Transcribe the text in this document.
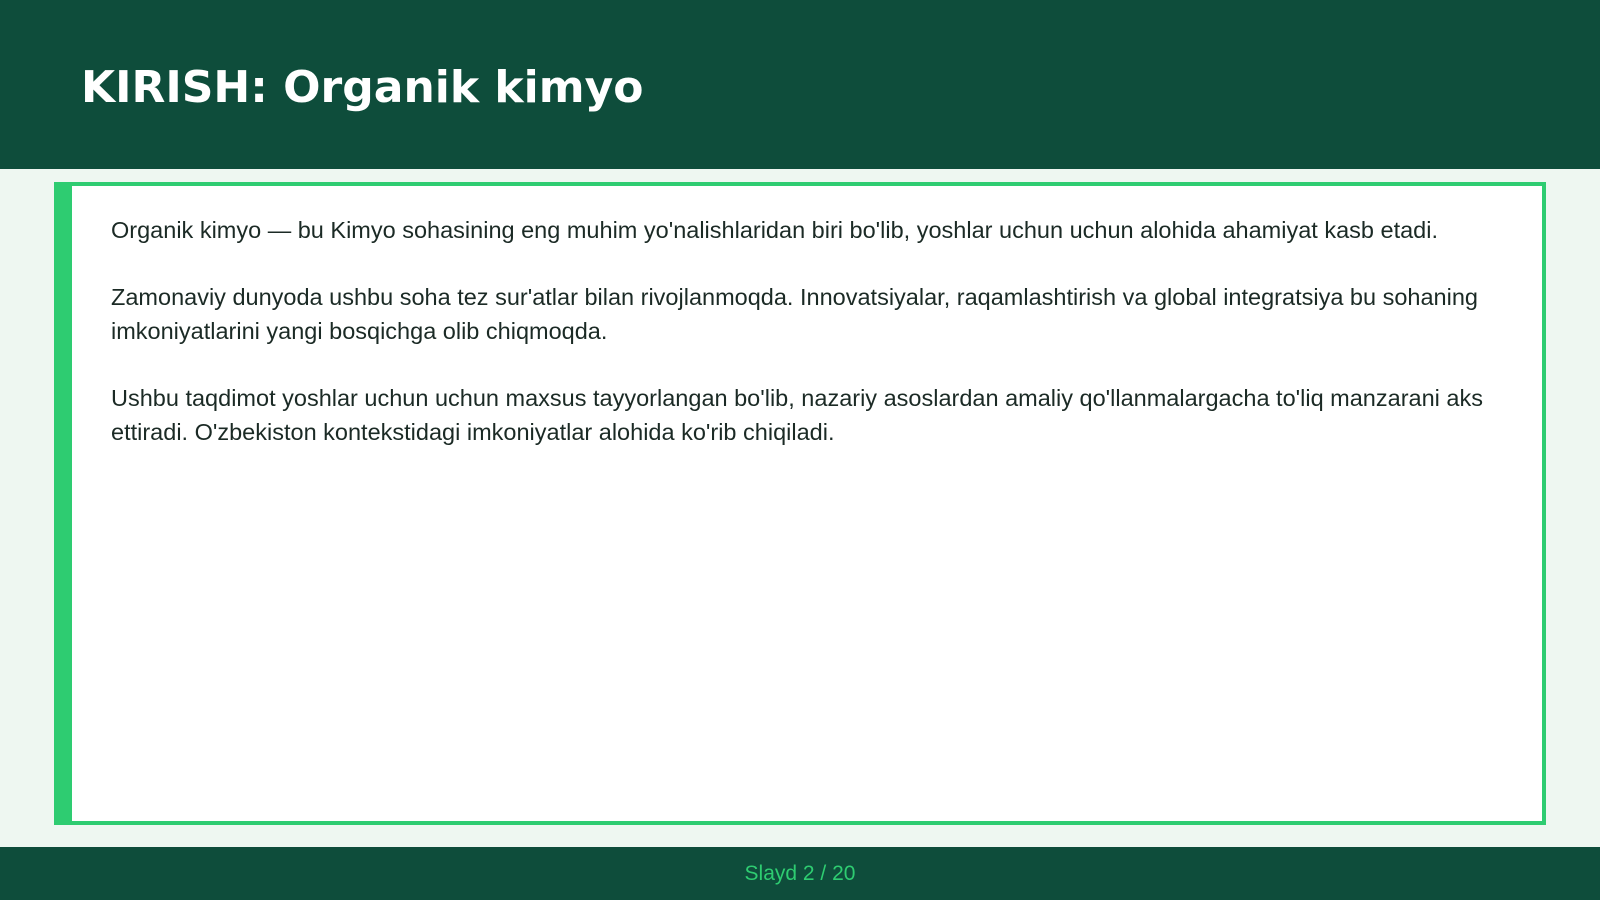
KIRISH: Organik kimyo

Organik kimyo — bu Kimyo sohasining eng muhim yo'nalishlaridan biri bo'lib, yoshlar uchun uchun alohida ahamiyat kasb etadi.

Zamonaviy dunyoda ushbu soha tez sur'atlar bilan rivojlanmoqda. Innovatsiyalar, raqamlashtirish va global integratsiya bu sohaning imkoniyatlarini yangi bosqichga olib chiqmoqda.

Ushbu taqdimot yoshlar uchun uchun maxsus tayyorlangan bo'lib, nazariy asoslardan amaliy qo'llanmalargacha to'liq manzarani aks ettiradi. O'zbekiston kontekstidagi imkoniyatlar alohida ko'rib chiqiladi.

Slayd 2 / 20
